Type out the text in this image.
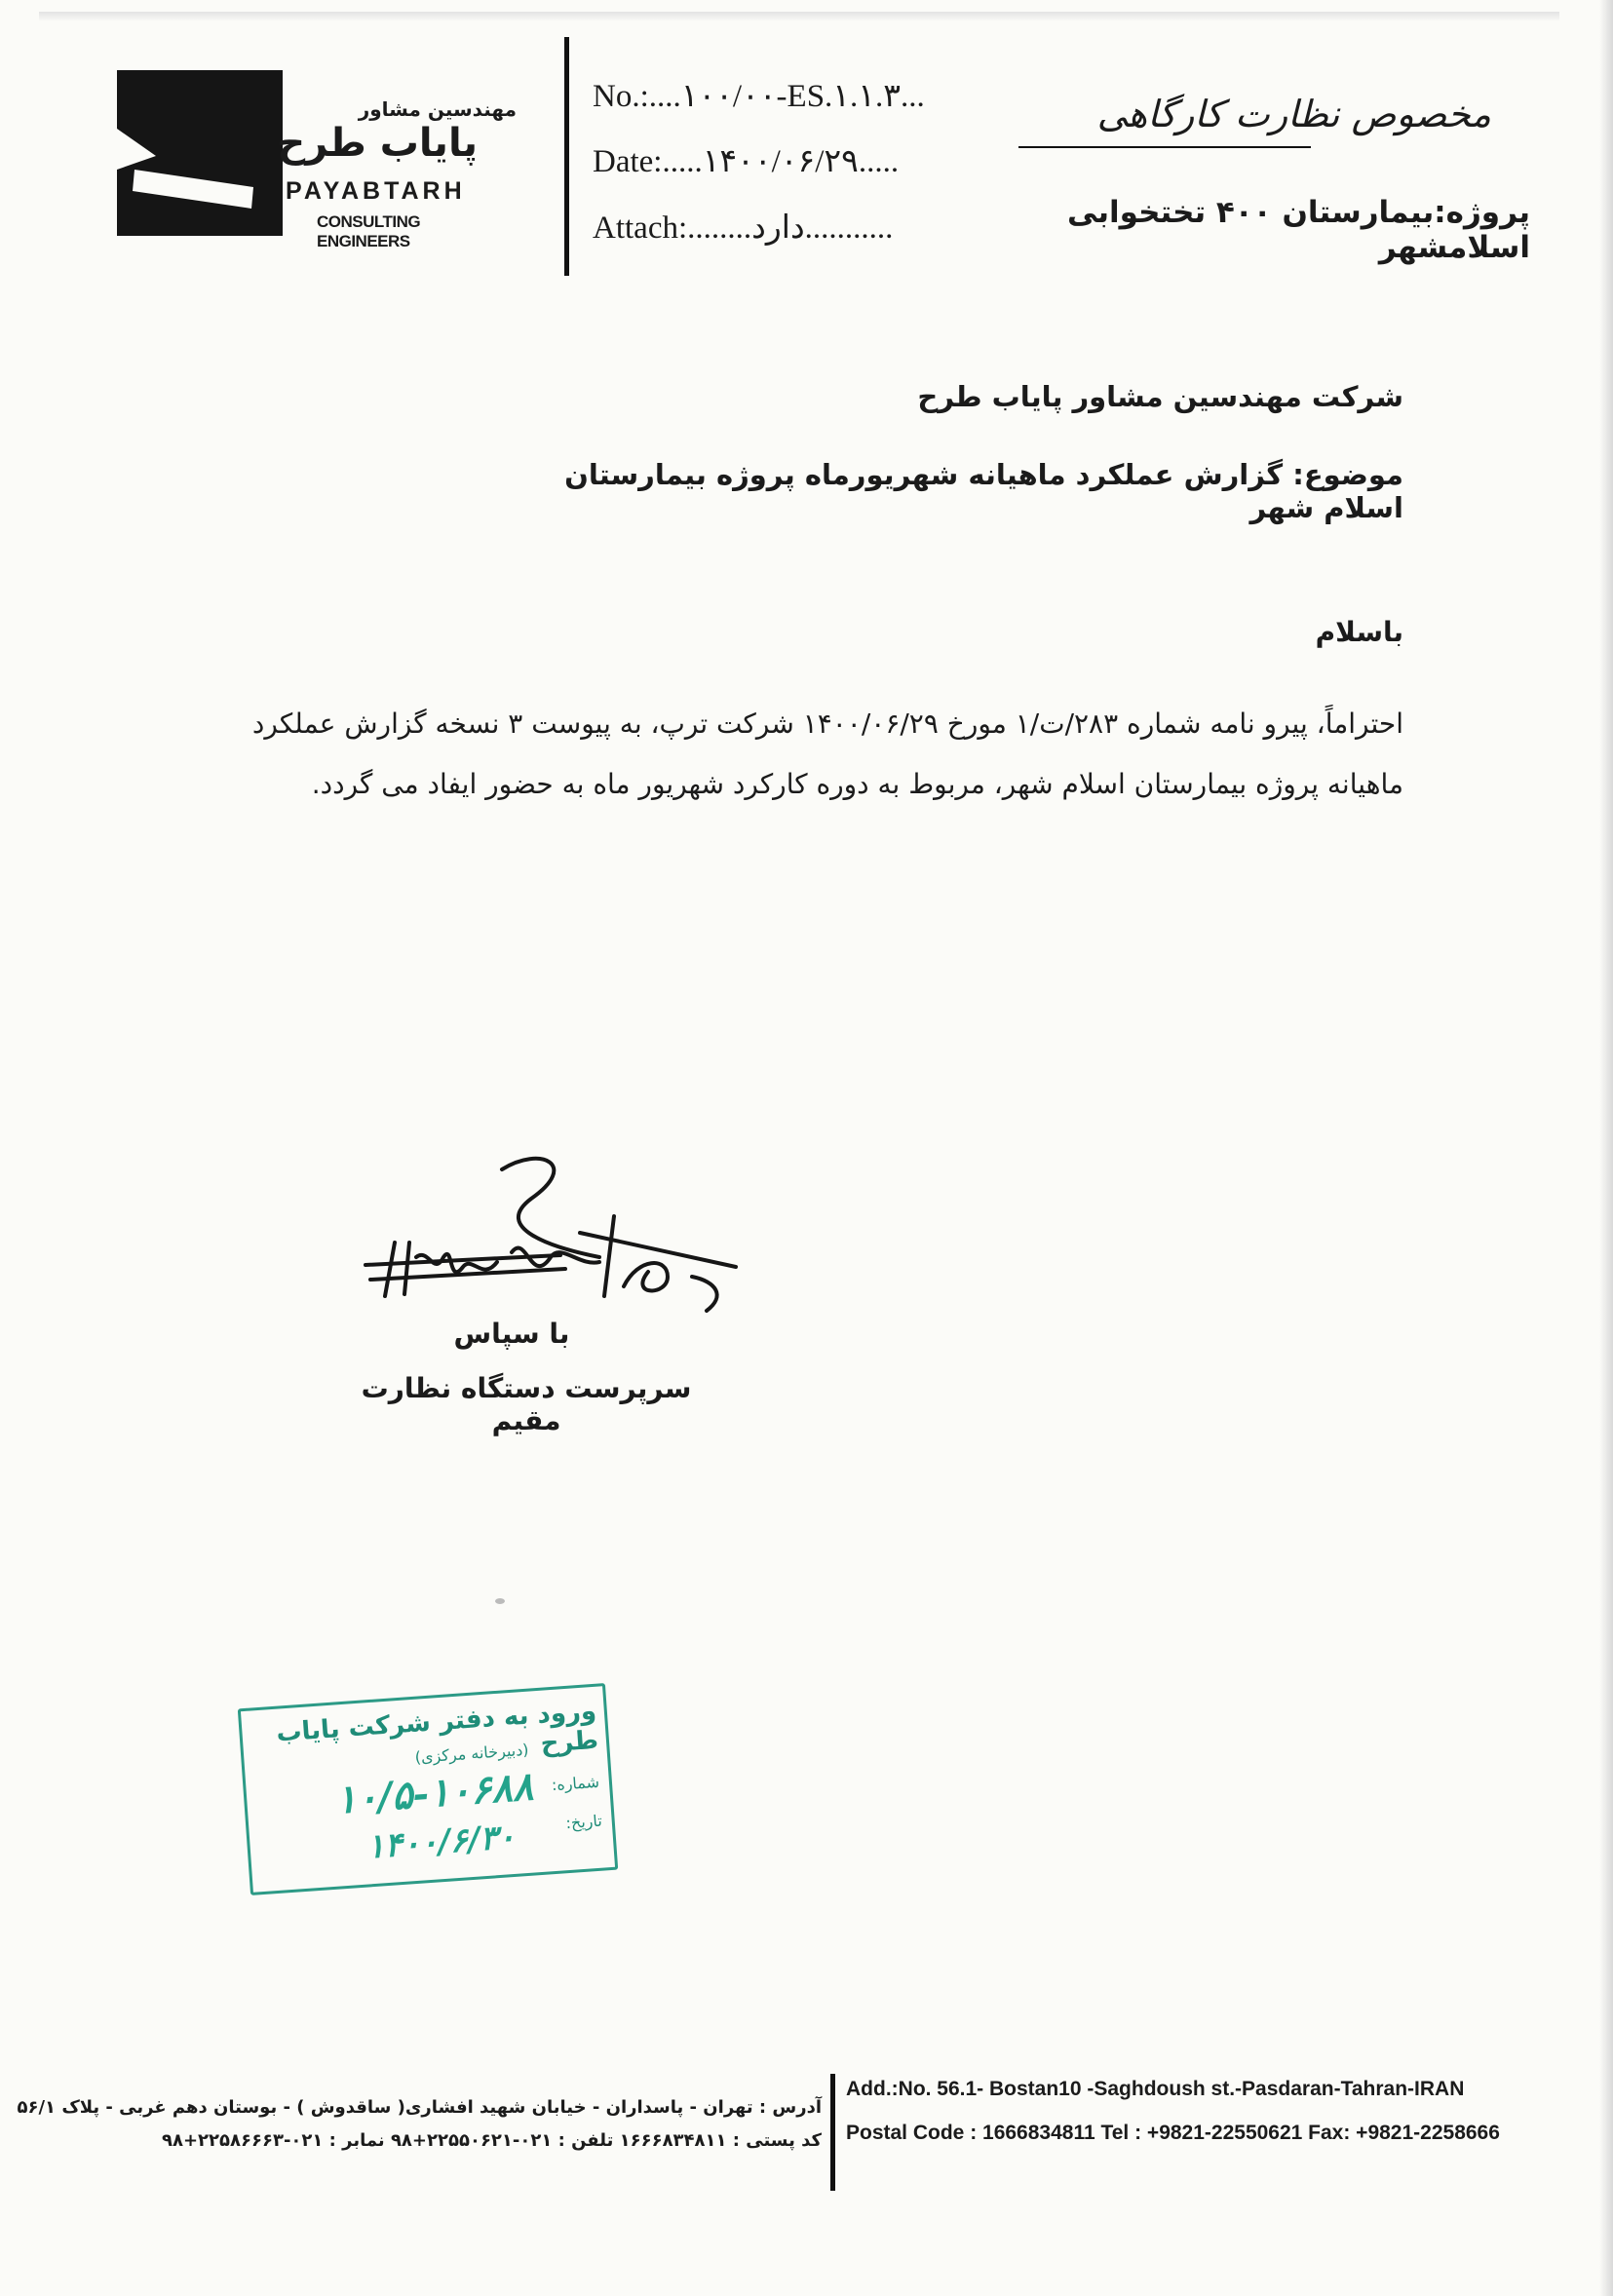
مهندسین مشاور
پایاب طرح
PAYABTARH
CONSULTING ENGINEERS
No.:....۱۰۰/۰۰-ES.۱.۱.۳...
Date:.....۱۴۰۰/۰۶/۲۹.....
Attach:........دارد...........
مخصوص نظارت کارگاهی
پروژه:بیمارستان ۴۰۰ تختخوابی اسلامشهر
شرکت مهندسین مشاور پایاب طرح
موضوع: گزارش عملکرد ماهیانه شهریورماه پروژه بیمارستان اسلام شهر
باسلام
احتراماً، پیرو نامه شماره ۲۸۳/ت/۱ مورخ ۱۴۰۰/۰۶/۲۹ شرکت ترپ، به پیوست ۳ نسخه گزارش عملکرد ماهیانه پروژه بیمارستان اسلام شهر، مربوط به دوره کارکرد شهریور ماه به حضور ایفاد می گردد.
با سپاس
سرپرست دستگاه نظارت مقیم
ورود به دفتر شرکت پایاب طرح
(دبیرخانه مرکزی)
شماره:
تاریخ:
۱۰/۵-۱۰۶۸۸
۱۴۰۰/۶/۳۰
آدرس : تهران - پاسداران - خیابان شهید افشاری( ساقدوش ) - بوستان دهم غربی - پلاک ۵۶/۱
کد پستی : ۱۶۶۶۸۳۴۸۱۱ تلفن : ۰۲۱-۲۲۵۵۰۶۲۱+۹۸ نمابر : ۰۲۱-۲۲۵۸۶۶۶۳+۹۸
Add.:No. 56.1- Bostan10 -Saghdoush st.-Pasdaran-Tahran-IRAN
Postal Code : 1666834811 Tel : +9821-22550621 Fax: +9821-2258666
